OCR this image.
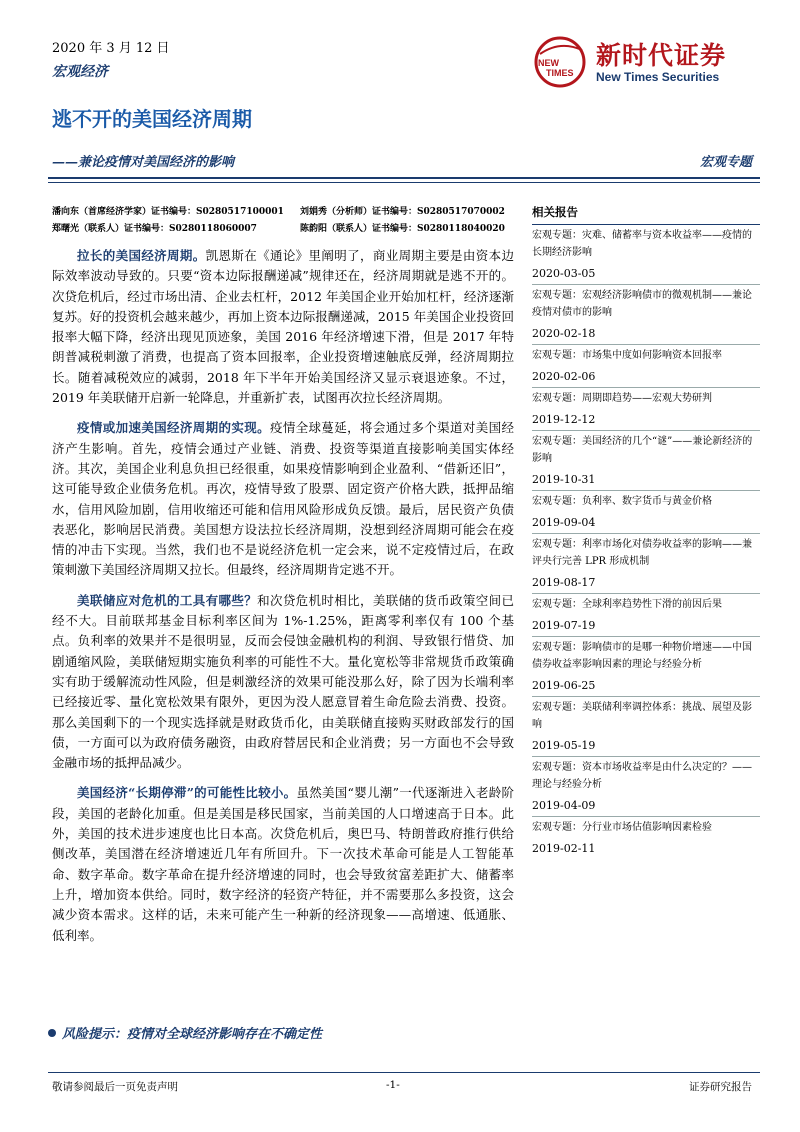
2020 年 3 月 12 日
宏观经济
NEW
TIMES
新时代证券
New Times Securities
逃不开的美国经济周期
——兼论疫情对美国经济的影响	宏观专题
潘向东（首席经济学家）证书编号：S0280517100001 刘娟秀（分析师）证书编号：S0280517070002
郑曙光（联系人）证书编号：S0280118060007	陈韵阳（联系人）证书编号：S0280118040020

拉长的美国经济周期。凯恩斯在《通论》里阐明了，商业周期主要是由资本边际效率波动导致的。只要“资本边际报酬递减”规律还在，经济周期就是逃不开的。次贷危机后，经过市场出清、企业去杠杆，2012 年美国企业开始加杠杆，经济逐渐复苏。好的投资机会越来越少，再加上资本边际报酬递减，2015 年美国企业投资回报率大幅下降，经济出现见顶迹象，美国 2016 年经济增速下滑，但是 2017 年特朗普减税刺激了消费，也提高了资本回报率，企业投资增速触底反弹，经济周期拉长。随着减税效应的减弱，2018 年下半年开始美国经济又显示衰退迹象。不过，2019 年美联储开启新一轮降息，并重新扩表，试图再次拉长经济周期。

疫情或加速美国经济周期的实现。疫情全球蔓延，将会通过多个渠道对美国经济产生影响。首先，疫情会通过产业链、消费、投资等渠道直接影响美国实体经济。其次，美国企业利息负担已经很重，如果疫情影响到企业盈利、“借新还旧”，这可能导致企业债务危机。再次，疫情导致了股票、固定资产价格大跌，抵押品缩水，信用风险加剧，信用收缩还可能和信用风险形成负反馈。最后，居民资产负债表恶化，影响居民消费。美国想方设法拉长经济周期，没想到经济周期可能会在疫情的冲击下实现。当然，我们也不是说经济危机一定会来，说不定疫情过后，在政策刺激下美国经济周期又拉长。但最终，经济周期肯定逃不开。

美联储应对危机的工具有哪些？和次贷危机时相比，美联储的货币政策空间已经不大。目前联邦基金目标利率区间为 1%-1.25%，距离零利率仅有 100 个基点。负利率的效果并不是很明显，反而会侵蚀金融机构的利润、导致银行惜贷、加剧通缩风险，美联储短期实施负利率的可能性不大。量化宽松等非常规货币政策确实有助于缓解流动性风险，但是刺激经济的效果可能没那么好，除了因为长端利率已经接近零、量化宽松效果有限外，更因为没人愿意冒着生命危险去消费、投资。那么美国剩下的一个现实选择就是财政货币化，由美联储直接购买财政部发行的国债，一方面可以为政府债务融资，由政府替居民和企业消费；另一方面也不会导致金融市场的抵押品减少。

美国经济“长期停滞”的可能性比较小。虽然美国“婴儿潮”一代逐渐进入老龄阶段，美国的老龄化加重。但是美国是移民国家，当前美国的人口增速高于日本。此外，美国的技术进步速度也比日本高。次贷危机后，奥巴马、特朗普政府推行供给侧改革，美国潜在经济增速近几年有所回升。下一次技术革命可能是人工智能革命、数字革命。数字革命在提升经济增速的同时，也会导致贫富差距扩大、储蓄率上升，增加资本供给。同时，数字经济的轻资产特征，并不需要那么多投资，这会减少资本需求。这样的话，未来可能产生一种新的经济现象——高增速、低通胀、低利率。

风险提示：疫情对全球经济影响存在不确定性
相关报告
宏观专题：灾难、储蓄率与资本收益率——疫情的长期经济影响
2020-03-05
宏观专题：宏观经济影响债市的微观机制——兼论疫情对债市的影响
2020-02-18
宏观专题：市场集中度如何影响资本回报率
2020-02-06
宏观专题：周期即趋势——宏观大势研判
2019-12-12
宏观专题：美国经济的几个“谜”——兼论新经济的影响
2019-10-31
宏观专题：负利率、数字货币与黄金价格
2019-09-04
宏观专题：利率市场化对债券收益率的影响——兼评央行完善 LPR 形成机制
2019-08-17
宏观专题：全球利率趋势性下滑的前因后果
2019-07-19
宏观专题：影响债市的是哪一种物价增速——中国债券收益率影响因素的理论与经验分析
2019-06-25
宏观专题：美联储利率调控体系：挑战、展望及影响
2019-05-19
宏观专题：资本市场收益率是由什么决定的？——理论与经验分析
2019-04-09
宏观专题：分行业市场估值影响因素检验
2019-02-11
敬请参阅最后一页免责声明	-1-	证券研究报告
